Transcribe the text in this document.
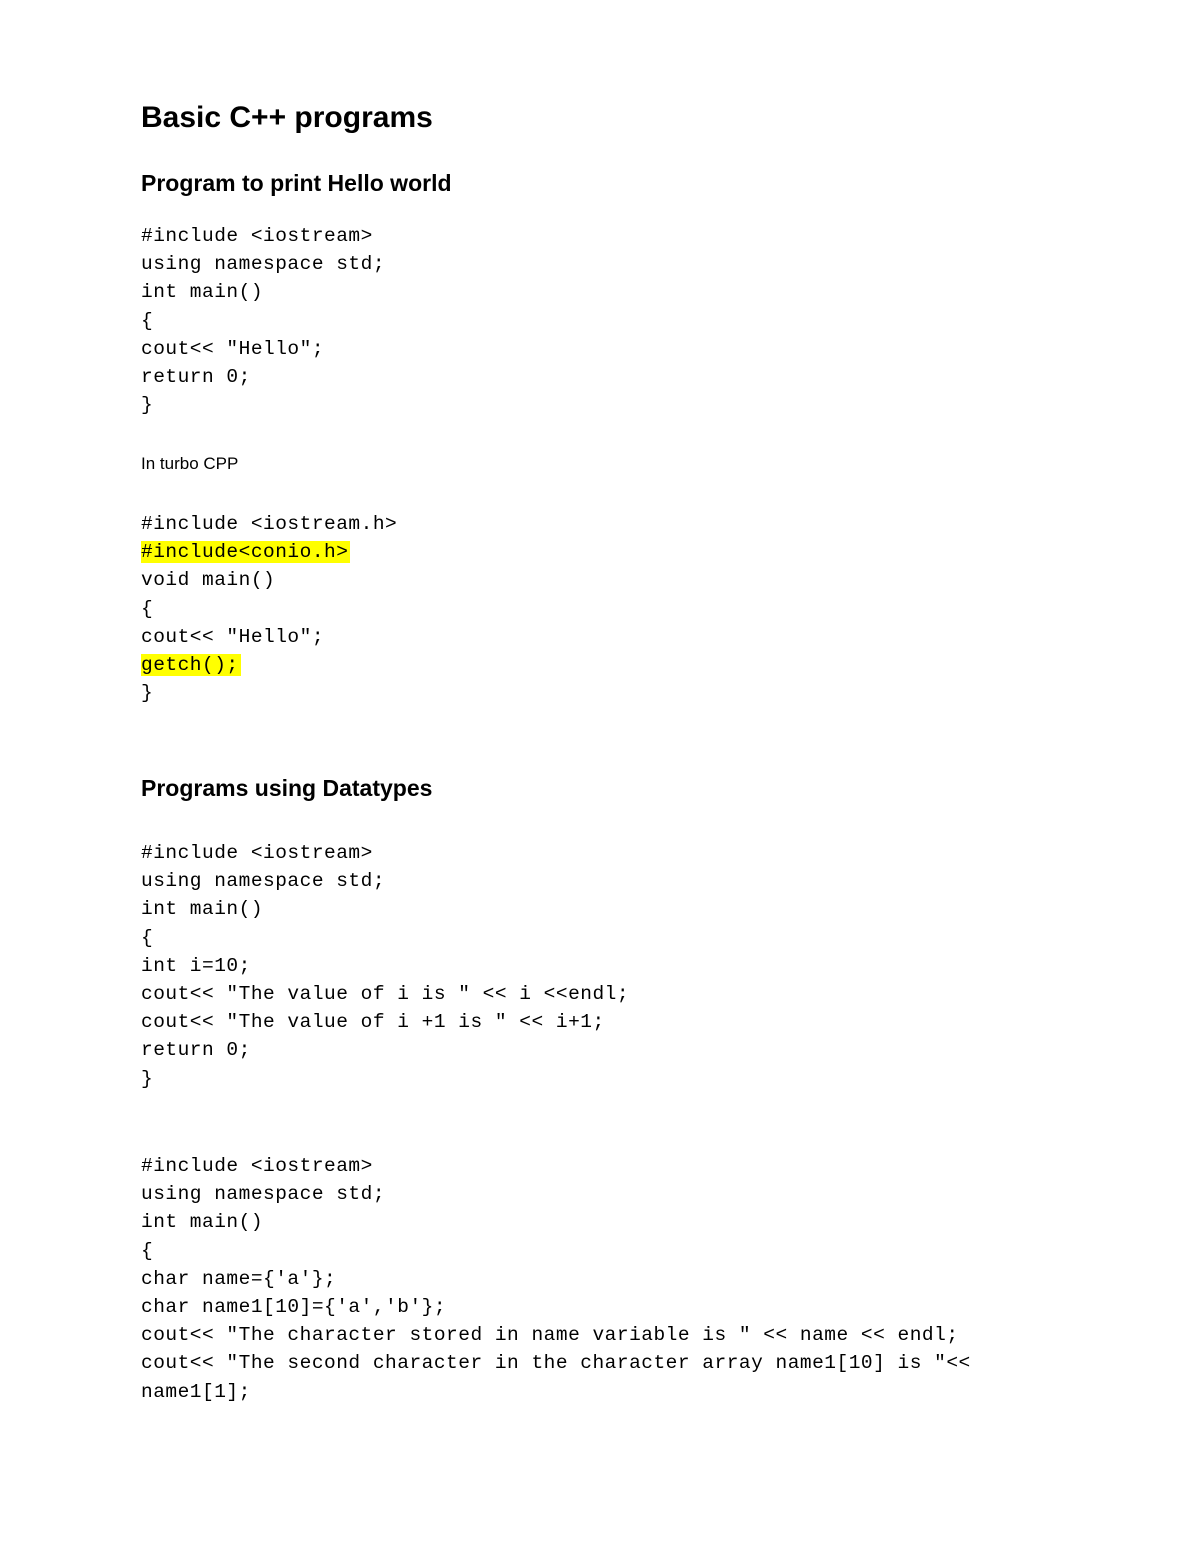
Basic C++ programs
Program to print Hello world
#include <iostream>
using namespace std;
int main()
{
cout<< "Hello";
return 0;
}

In turbo CPP

#include <iostream.h>
#include<conio.h>
void main()
{
cout<< "Hello";
getch();
}
Programs using Datatypes
#include <iostream>
using namespace std;
int main()
{
int i=10;
cout<< "The value of i is " << i <<endl;
cout<< "The value of i +1 is " << i+1;
return 0;
}
#include <iostream>
using namespace std;
int main()
{
char name={'a'};
char name1[10]={'a','b'};
cout<< "The character stored in name variable is " << name << endl;
cout<< "The second character in the character array name1[10] is "<<
name1[1];
